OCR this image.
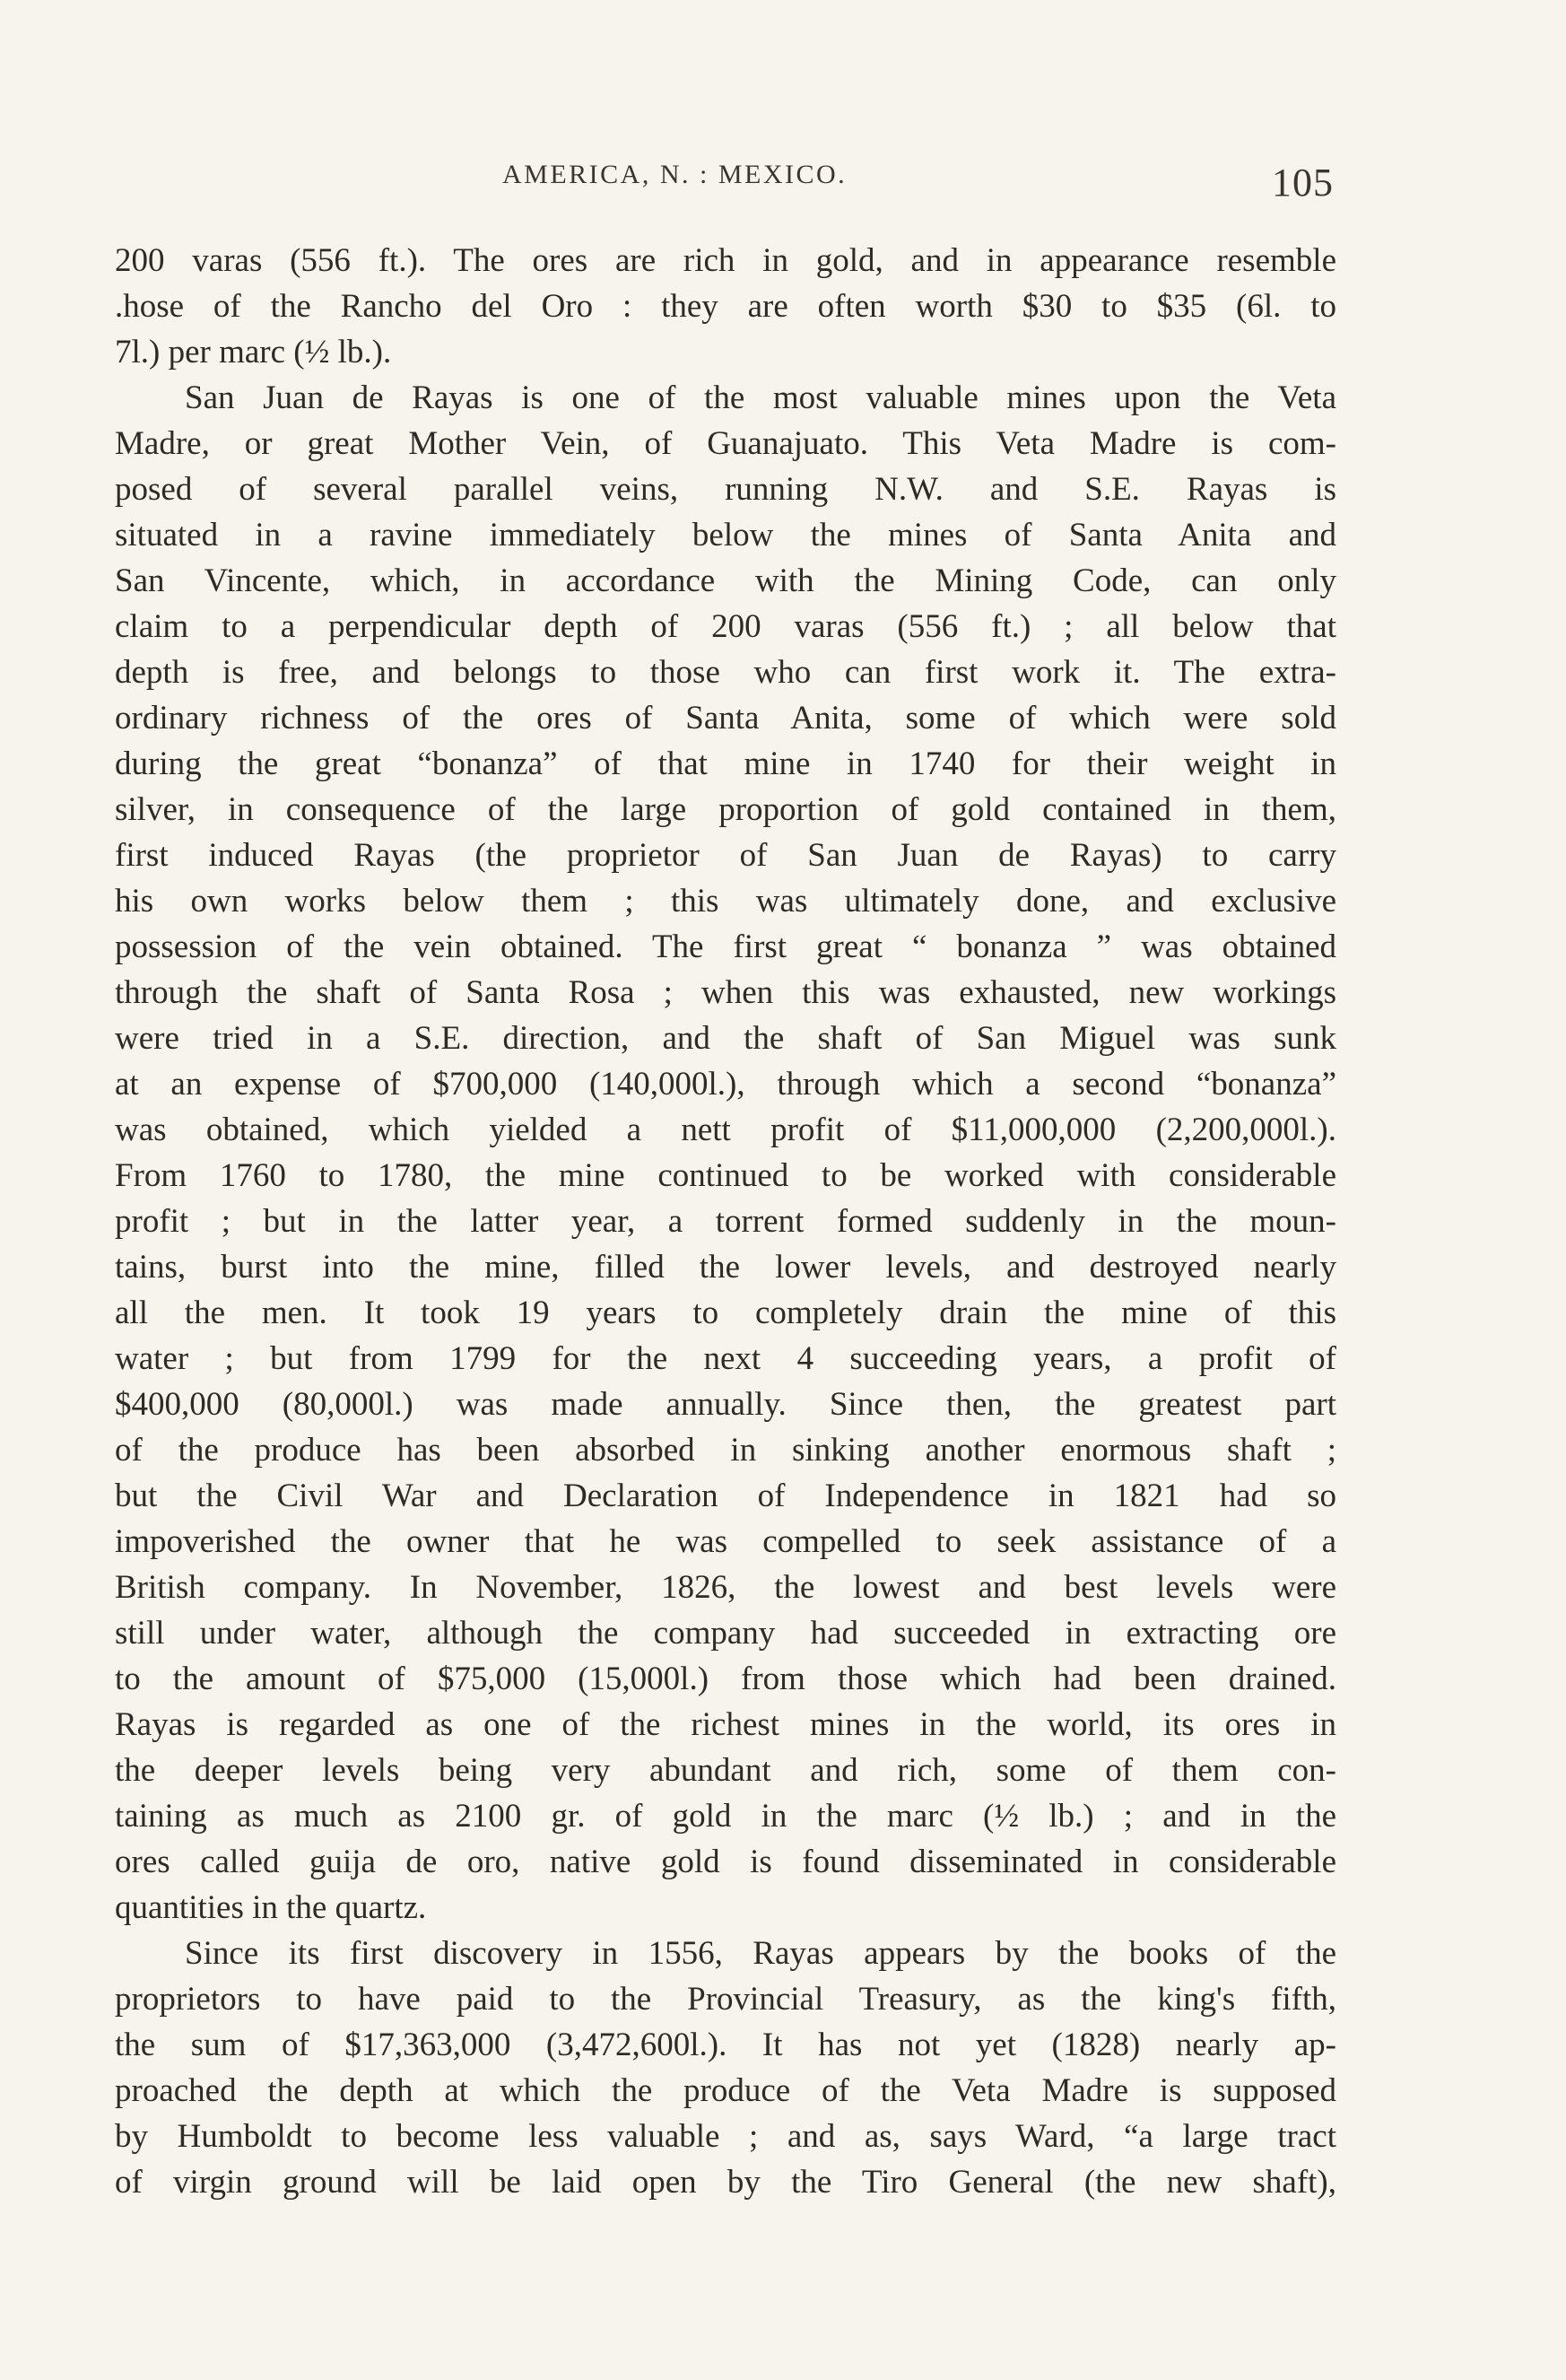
AMERICA, N. : MEXICO.	105
200 varas (556 ft.). The ores are rich in gold, and in appearance resemble
.hose of the Rancho del Oro : they are often worth $30 to $35 (6l. to
7l.) per marc (½ lb.).
San Juan de Rayas is one of the most valuable mines upon the Veta
Madre, or great Mother Vein, of Guanajuato. This Veta Madre is com-
posed of several parallel veins, running N.W. and S.E. Rayas is
situated in a ravine immediately below the mines of Santa Anita and
San Vincente, which, in accordance with the Mining Code, can only
claim to a perpendicular depth of 200 varas (556 ft.) ; all below that
depth is free, and belongs to those who can first work it. The extra-
ordinary richness of the ores of Santa Anita, some of which were sold
during the great “bonanza” of that mine in 1740 for their weight in
silver, in consequence of the large proportion of gold contained in them,
first induced Rayas (the proprietor of San Juan de Rayas) to carry
his own works below them ; this was ultimately done, and exclusive
possession of the vein obtained. The first great “ bonanza ” was obtained
through the shaft of Santa Rosa ; when this was exhausted, new workings
were tried in a S.E. direction, and the shaft of San Miguel was sunk
at an expense of $700,000 (140,000l.), through which a second “bonanza”
was obtained, which yielded a nett profit of $11,000,000 (2,200,000l.).
From 1760 to 1780, the mine continued to be worked with considerable
profit ; but in the latter year, a torrent formed suddenly in the moun-
tains, burst into the mine, filled the lower levels, and destroyed nearly
all the men. It took 19 years to completely drain the mine of this
water ; but from 1799 for the next 4 succeeding years, a profit of
$400,000 (80,000l.) was made annually. Since then, the greatest part
of the produce has been absorbed in sinking another enormous shaft ;
but the Civil War and Declaration of Independence in 1821 had so
impoverished the owner that he was compelled to seek assistance of a
British company. In November, 1826, the lowest and best levels were
still under water, although the company had succeeded in extracting ore
to the amount of $75,000 (15,000l.) from those which had been drained.
Rayas is regarded as one of the richest mines in the world, its ores in
the deeper levels being very abundant and rich, some of them con-
taining as much as 2100 gr. of gold in the marc (½ lb.) ; and in the
ores called guija de oro, native gold is found disseminated in considerable
quantities in the quartz.
Since its first discovery in 1556, Rayas appears by the books of the
proprietors to have paid to the Provincial Treasury, as the king's fifth,
the sum of $17,363,000 (3,472,600l.). It has not yet (1828) nearly ap-
proached the depth at which the produce of the Veta Madre is supposed
by Humboldt to become less valuable ; and as, says Ward, “a large tract
of virgin ground will be laid open by the Tiro General (the new shaft),
